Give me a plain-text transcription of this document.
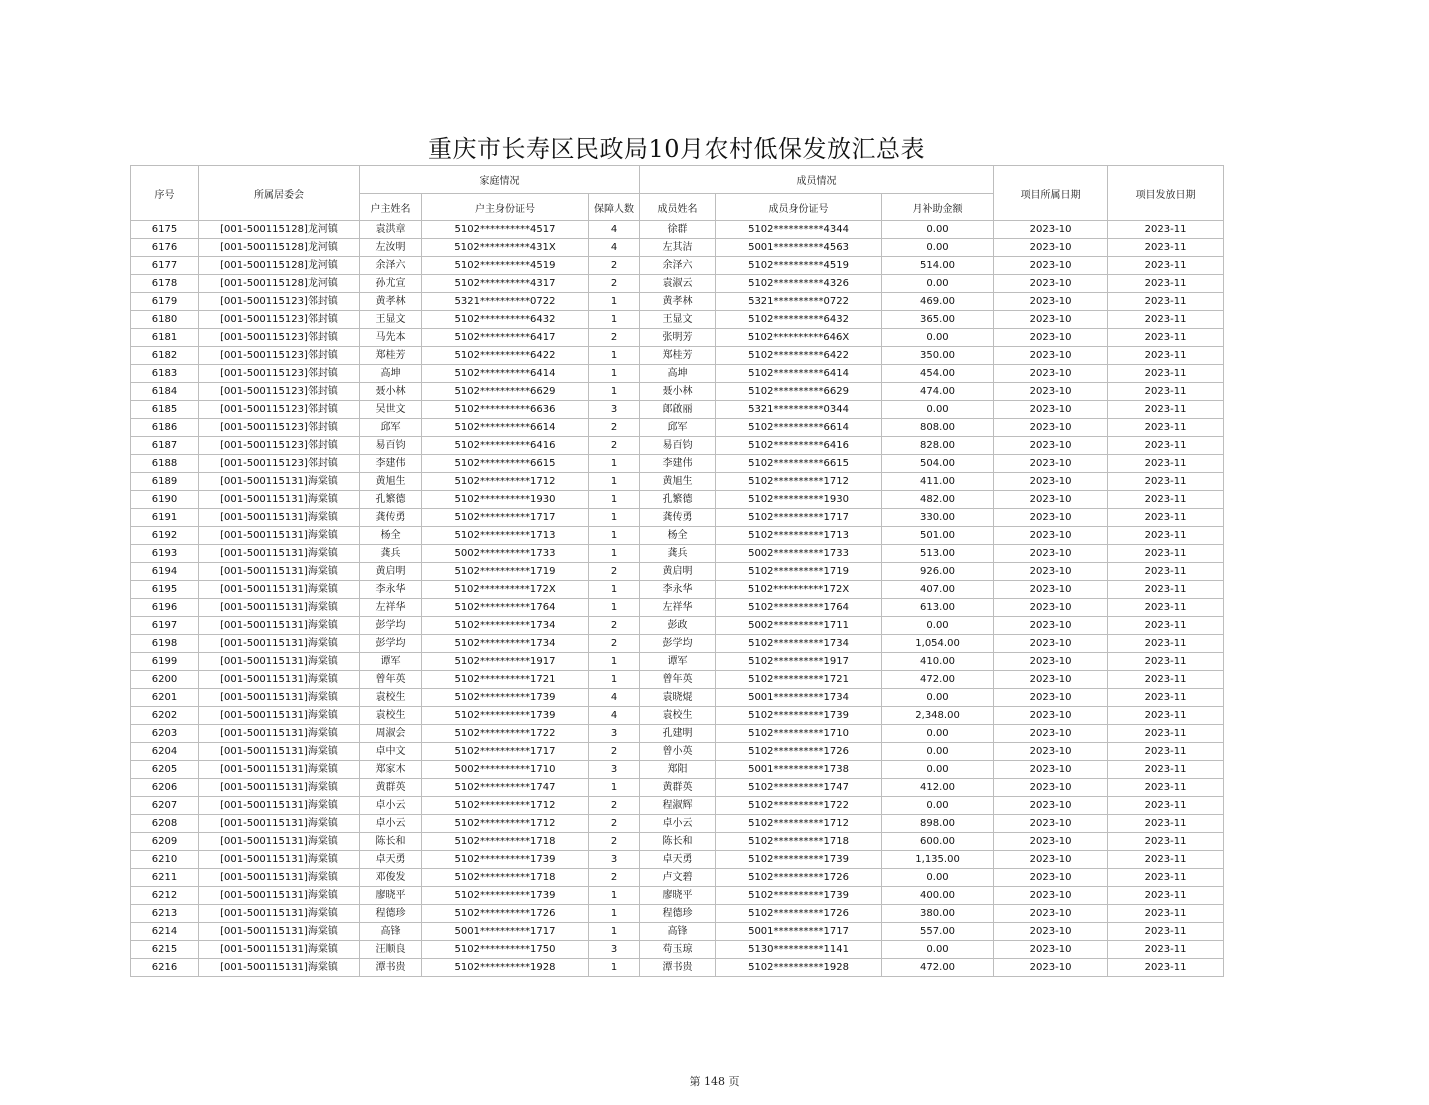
重庆市长寿区民政局10月农村低保发放汇总表
序号	所属居委会	家庭情况			成员情况			项目所属日期	项目发放日期
		户主姓名	户主身份证号	保障人数	成员姓名	成员身份证号	月补助金额		
6175	[001-500115128]龙河镇	袁洪章	5102**********4517	4	徐群	5102**********4344	0.00	2023-10	2023-11
6176	[001-500115128]龙河镇	左汝明	5102**********431X	4	左其洁	5001**********4563	0.00	2023-10	2023-11
6177	[001-500115128]龙河镇	余泽六	5102**********4519	2	余泽六	5102**********4519	514.00	2023-10	2023-11
6178	[001-500115128]龙河镇	孙尤宣	5102**********4317	2	袁淑云	5102**********4326	0.00	2023-10	2023-11
6179	[001-500115123]邻封镇	黄孝林	5321**********0722	1	黄孝林	5321**********0722	469.00	2023-10	2023-11
6180	[001-500115123]邻封镇	王显文	5102**********6432	1	王显文	5102**********6432	365.00	2023-10	2023-11
6181	[001-500115123]邻封镇	马先本	5102**********6417	2	张明芳	5102**********646X	0.00	2023-10	2023-11
6182	[001-500115123]邻封镇	郑桂芳	5102**********6422	1	郑桂芳	5102**********6422	350.00	2023-10	2023-11
6183	[001-500115123]邻封镇	高坤	5102**********6414	1	高坤	5102**********6414	454.00	2023-10	2023-11
6184	[001-500115123]邻封镇	聂小林	5102**********6629	1	聂小林	5102**********6629	474.00	2023-10	2023-11
6185	[001-500115123]邻封镇	吴世文	5102**********6636	3	郎啟丽	5321**********0344	0.00	2023-10	2023-11
6186	[001-500115123]邻封镇	邱军	5102**********6614	2	邱军	5102**********6614	808.00	2023-10	2023-11
6187	[001-500115123]邻封镇	易百钧	5102**********6416	2	易百钧	5102**********6416	828.00	2023-10	2023-11
6188	[001-500115123]邻封镇	李建伟	5102**********6615	1	李建伟	5102**********6615	504.00	2023-10	2023-11
6189	[001-500115131]海棠镇	黄旭生	5102**********1712	1	黄旭生	5102**********1712	411.00	2023-10	2023-11
6190	[001-500115131]海棠镇	孔繁德	5102**********1930	1	孔繁德	5102**********1930	482.00	2023-10	2023-11
6191	[001-500115131]海棠镇	龚传勇	5102**********1717	1	龚传勇	5102**********1717	330.00	2023-10	2023-11
6192	[001-500115131]海棠镇	杨全	5102**********1713	1	杨全	5102**********1713	501.00	2023-10	2023-11
6193	[001-500115131]海棠镇	龚兵	5002**********1733	1	龚兵	5002**********1733	513.00	2023-10	2023-11
6194	[001-500115131]海棠镇	黄启明	5102**********1719	2	黄启明	5102**********1719	926.00	2023-10	2023-11
6195	[001-500115131]海棠镇	李永华	5102**********172X	1	李永华	5102**********172X	407.00	2023-10	2023-11
6196	[001-500115131]海棠镇	左祥华	5102**********1764	1	左祥华	5102**********1764	613.00	2023-10	2023-11
6197	[001-500115131]海棠镇	彭学均	5102**********1734	2	彭政	5002**********1711	0.00	2023-10	2023-11
6198	[001-500115131]海棠镇	彭学均	5102**********1734	2	彭学均	5102**********1734	1,054.00	2023-10	2023-11
6199	[001-500115131]海棠镇	谭军	5102**********1917	1	谭军	5102**********1917	410.00	2023-10	2023-11
6200	[001-500115131]海棠镇	曾年英	5102**********1721	1	曾年英	5102**********1721	472.00	2023-10	2023-11
6201	[001-500115131]海棠镇	袁校生	5102**********1739	4	袁晓焜	5001**********1734	0.00	2023-10	2023-11
6202	[001-500115131]海棠镇	袁校生	5102**********1739	4	袁校生	5102**********1739	2,348.00	2023-10	2023-11
6203	[001-500115131]海棠镇	周淑会	5102**********1722	3	孔建明	5102**********1710	0.00	2023-10	2023-11
6204	[001-500115131]海棠镇	卓中文	5102**********1717	2	曾小英	5102**********1726	0.00	2023-10	2023-11
6205	[001-500115131]海棠镇	郑家木	5002**********1710	3	郑阳	5001**********1738	0.00	2023-10	2023-11
6206	[001-500115131]海棠镇	黄群英	5102**********1747	1	黄群英	5102**********1747	412.00	2023-10	2023-11
6207	[001-500115131]海棠镇	卓小云	5102**********1712	2	程淑辉	5102**********1722	0.00	2023-10	2023-11
6208	[001-500115131]海棠镇	卓小云	5102**********1712	2	卓小云	5102**********1712	898.00	2023-10	2023-11
6209	[001-500115131]海棠镇	陈长和	5102**********1718	2	陈长和	5102**********1718	600.00	2023-10	2023-11
6210	[001-500115131]海棠镇	卓天勇	5102**********1739	3	卓天勇	5102**********1739	1,135.00	2023-10	2023-11
6211	[001-500115131]海棠镇	邓俊发	5102**********1718	2	卢文碧	5102**********1726	0.00	2023-10	2023-11
6212	[001-500115131]海棠镇	廖晓平	5102**********1739	1	廖晓平	5102**********1739	400.00	2023-10	2023-11
6213	[001-500115131]海棠镇	程德珍	5102**********1726	1	程德珍	5102**********1726	380.00	2023-10	2023-11
6214	[001-500115131]海棠镇	高锋	5001**********1717	1	高锋	5001**********1717	557.00	2023-10	2023-11
6215	[001-500115131]海棠镇	汪顺良	5102**********1750	3	苟玉琼	5130**********1141	0.00	2023-10	2023-11
6216	[001-500115131]海棠镇	潭书贵	5102**********1928	1	潭书贵	5102**********1928	472.00	2023-10	2023-11
第 148 页
